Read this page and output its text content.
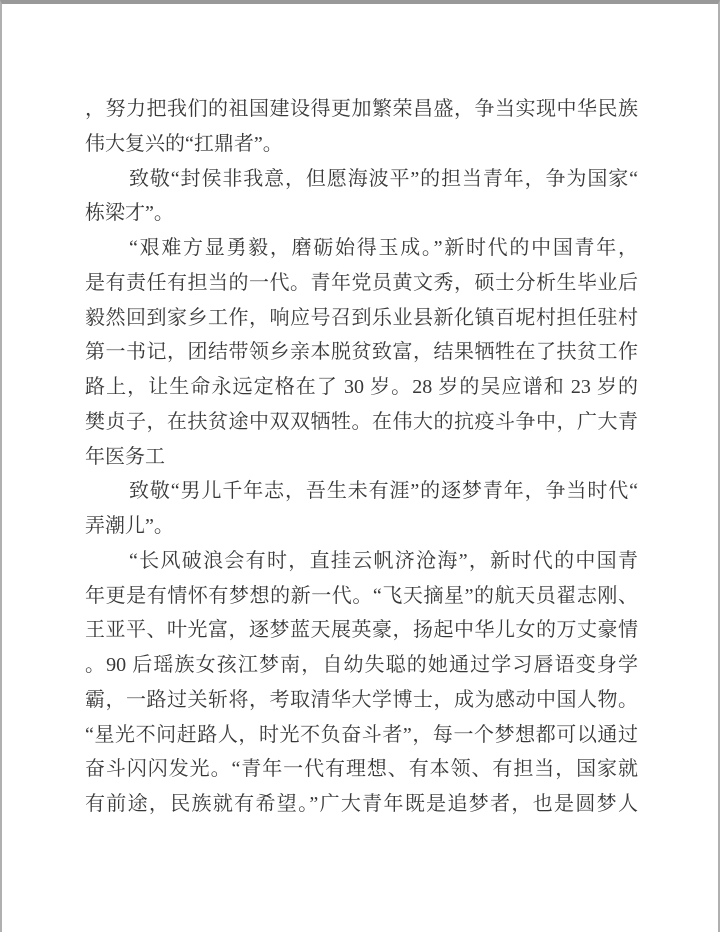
，努力把我们的祖国建设得更加繁荣昌盛，争当实现中华民族
伟大复兴的“扛鼎者”。
致敬“封侯非我意，但愿海波平”的担当青年，争为国家“
栋梁才”。
“艰难方显勇毅，磨砺始得玉成。”新时代的中国青年，
是有责任有担当的一代。青年党员黄文秀，硕士分析生毕业后
毅然回到家乡工作，响应号召到乐业县新化镇百坭村担任驻村
第一书记，团结带领乡亲本脱贫致富，结果牺牲在了扶贫工作
路上，让生命永远定格在了 30 岁。28 岁的吴应谱和 23 岁的
樊贞子，在扶贫途中双双牺牲。在伟大的抗疫斗争中，广大青
年医务工
致敬“男儿千年志，吾生未有涯”的逐梦青年，争当时代“
弄潮儿”。
“长风破浪会有时，直挂云帆济沧海”，新时代的中国青
年更是有情怀有梦想的新一代。“飞天摘星”的航天员翟志刚、
王亚平、叶光富，逐梦蓝天展英豪，扬起中华儿女的万丈豪情
。90 后瑶族女孩江梦南，自幼失聪的她通过学习唇语变身学
霸，一路过关斩将，考取清华大学博士，成为感动中国人物。
“星光不问赶路人，时光不负奋斗者”，每一个梦想都可以通过
奋斗闪闪发光。“青年一代有理想、有本领、有担当，国家就
有前途，民族就有希望。”广大青年既是追梦者，也是圆梦人
